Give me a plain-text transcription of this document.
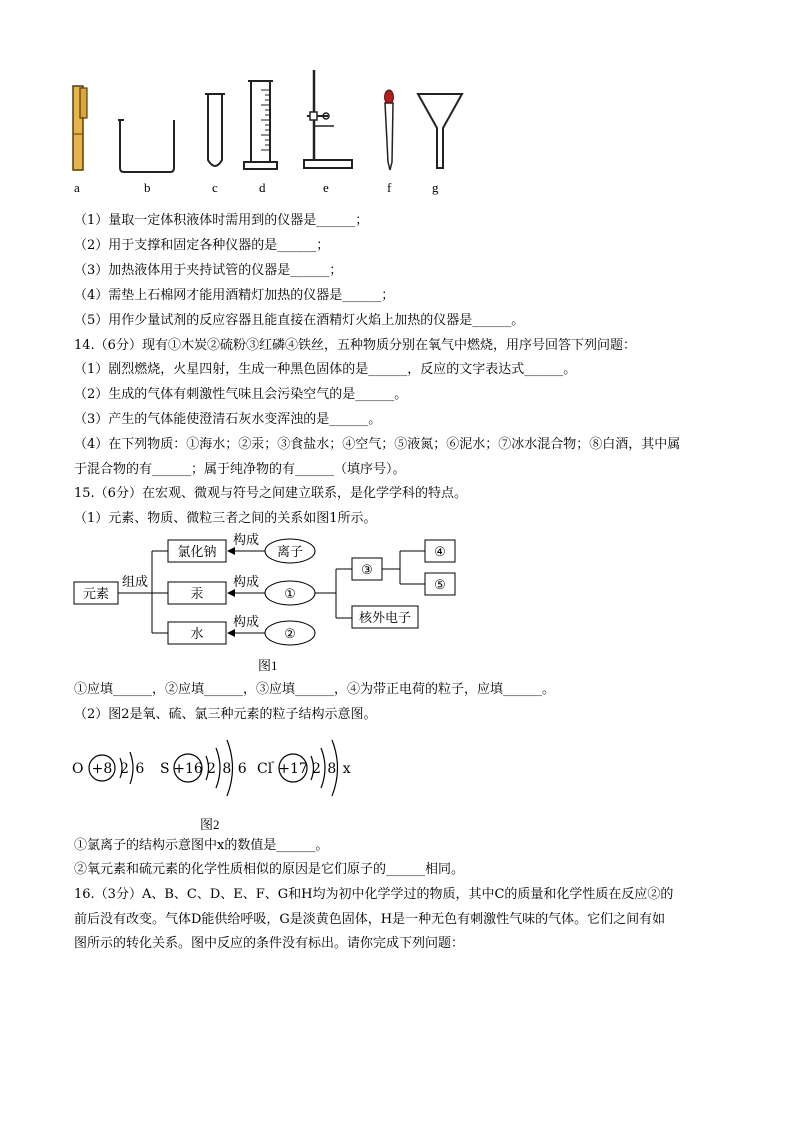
a	b	c	d	e	f	g
（1）量取一定体积液体时需用到的仪器是______；
（2）用于支撑和固定各种仪器的是______；
（3）加热液体用于夹持试管的仪器是______；
（4）需垫上石棉网才能用酒精灯加热的仪器是______；
（5）用作少量试剂的反应容器且能直接在酒精灯火焰上加热的仪器是______。
14.（6分）现有①木炭②硫粉③红磷④铁丝，五种物质分别在氧气中燃烧，用序号回答下列问题：
（1）剧烈燃烧，火星四射，生成一种黑色固体的是______，反应的文字表达式______。
（2）生成的气体有刺激性气味且会污染空气的是______。
（3）产生的气体能使澄清石灰水变浑浊的是______。
（4）在下列物质：①海水；②汞；③食盐水；④空气；⑤液氮；⑥泥水；⑦冰水混合物；⑧白酒，其中属
于混合物的有______；属于纯净物的有______（填序号）。
15.（6分）在宏观、微观与符号之间建立联系，是化学学科的特点。
（1）元素、物质、微粒三者之间的关系如图1所示。
元素
组成
氯化钠
汞
水
构成
构成
构成
离子
①
②
③
④
⑤
核外电子
图1
①应填______，②应填______，③应填______，④为带正电荷的粒子，应填______。
（2）图2是氧、硫、氯三种元素的粒子结构示意图。
O +8 2 6 S +16 2 8 6 Cl
- +17 2 8 x
图2
①氯离子的结构示意图中x的数值是______。
②氧元素和硫元素的化学性质相似的原因是它们原子的______相同。
16.（3分）A、B、C、D、E、F、G和H均为初中化学学过的物质，其中C的质量和化学性质在反应②的
前后没有改变。气体D能供给呼吸，G是淡黄色固体，H是一种无色有刺激性气味的气体。它们之间有如
图所示的转化关系。图中反应的条件没有标出。请你完成下列问题：
